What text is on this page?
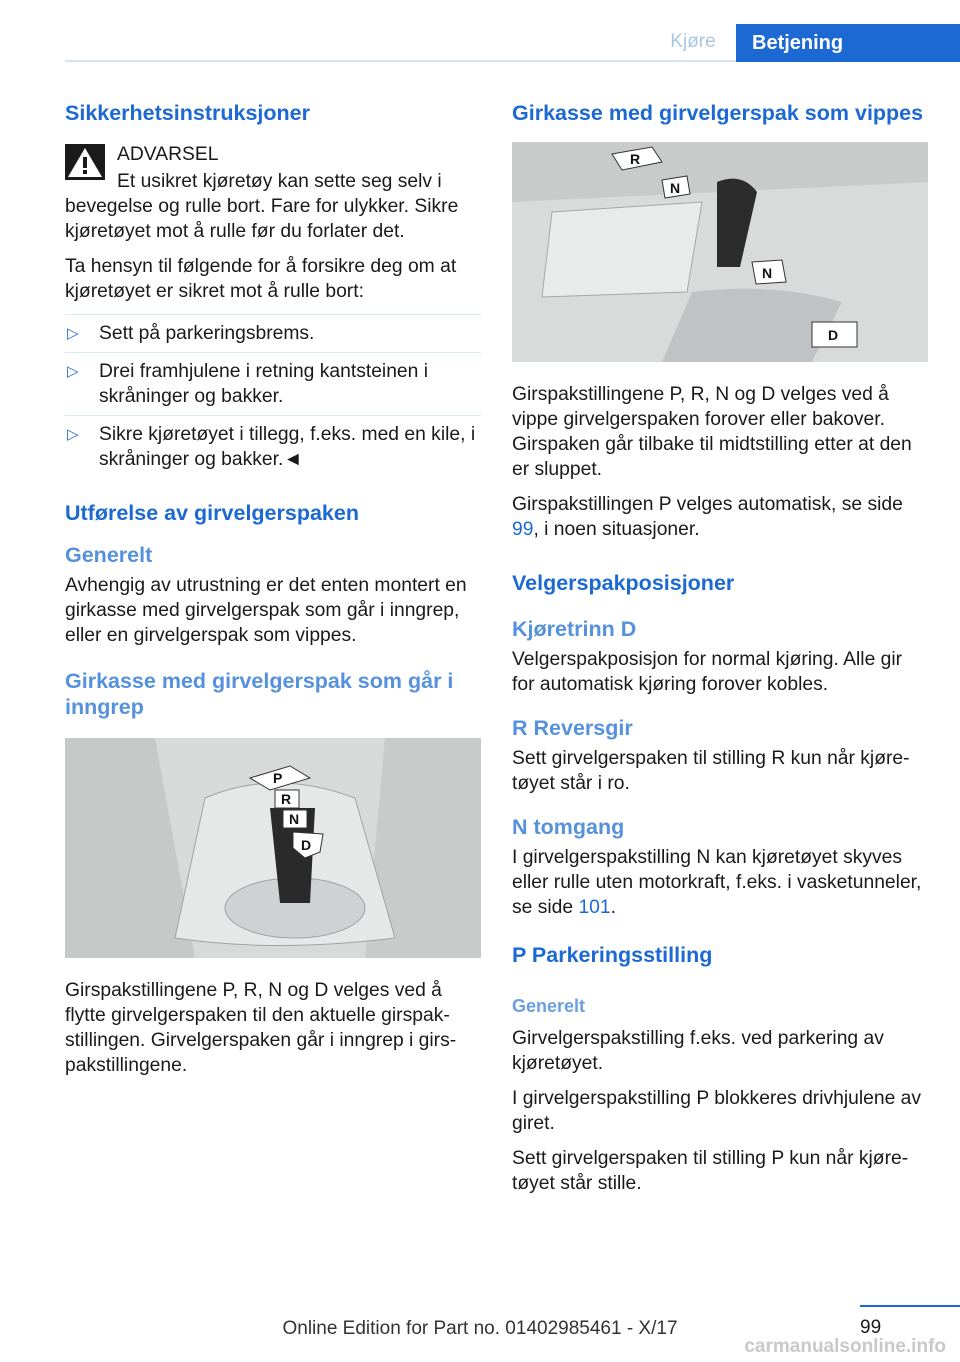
Kjøre	Betjening
Sikkerhetsinstruksjoner

ADVARSEL

Et usikret kjøretøy kan sette seg selv i bevegelse og rulle bort. Fare for ulykker. Sikre kjøretøyet mot å rulle før du forlater det.

Ta hensyn til følgende for å forsikre deg om at kjøretøyet er sikret mot å rulle bort:

▷ Sett på parkeringsbrems.
▷ Drei framhjulene i retning kantsteinen i skråninger og bakker.
▷ Sikre kjøretøyet i tillegg, f.eks. med en kile, i skråninger og bakker.◄
Utførelse av girvelgerspaken
Generelt

Avhengig av utrustning er det enten montert en girkasse med girvelgerspak som går i inngrep, eller en girvelgerspak som vippes.

Girkasse med girvelgerspak som går i inngrep
P
R
N
D

Girspakstillingene P, R, N og D velges ved å flytte girvelgerspaken til den aktuelle girspakstillingen. Girvelgerspaken går i inngrep i girspakstillingene.

Girkasse med girvelgerspak som vippes
R
N
N
D

Girspakstillingene P, R, N og D velges ved å vippe girvelgerspaken forover eller bakover. Girspaken går tilbake til midtstilling etter at den er sluppet.

Girspakstillingen P velges automatisk, se side 99, i noen situasjoner.

Velgerspakposisjoner
Kjøretrinn D

Velgerspakposisjon for normal kjøring. Alle gir for automatisk kjøring forover kobles.

R Reversgir

Sett girvelgerspaken til stilling R kun når kjøretøyet står i ro.

N tomgang

I girvelgerspakstilling N kan kjøretøyet skyves eller rulle uten motorkraft, f.eks. i vasketunneler, se side 101.

P Parkeringsstilling
Generelt

Girvelgerspakstilling f.eks. ved parkering av kjøretøyet.

I girvelgerspakstilling P blokkeres drivhjulene av giret.

Sett girvelgerspaken til stilling P kun når kjøretøyet står stille.

99
Online Edition for Part no. 01402985461 - X/17
carmanualsonline.info
